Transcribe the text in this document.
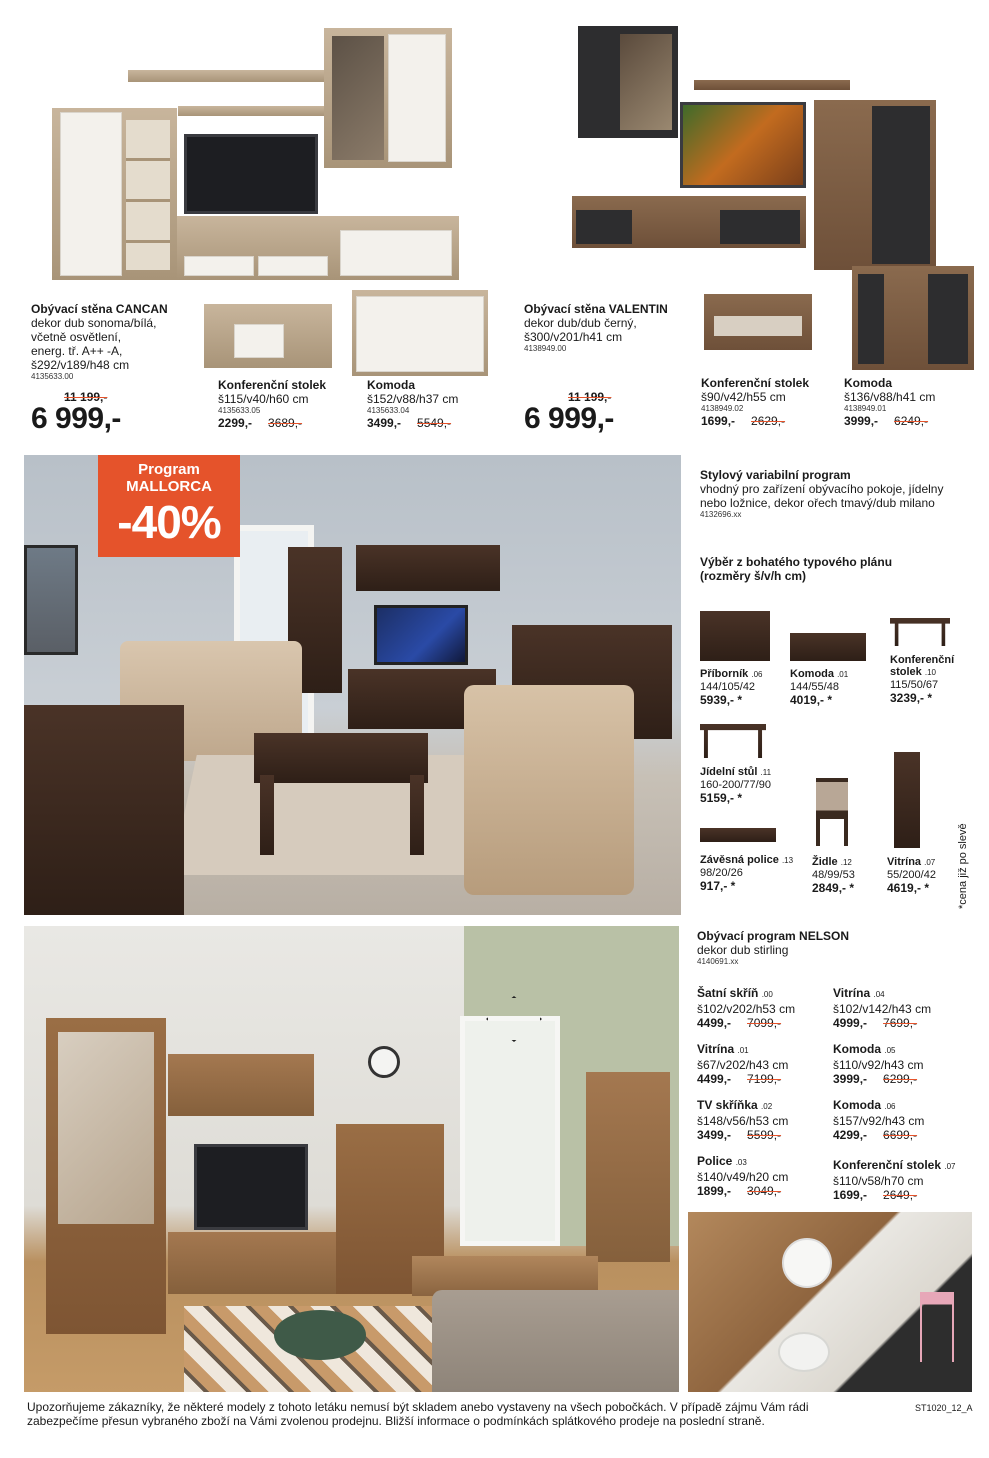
Obývací stěna CANCAN
dekor dub sonoma/bílá,
včetně osvětlení,
energ. tř. A++ -A,
š292/v189/h48 cm
4135633.00
11 199,-
6 999,-
Konferenční stolek
š115/v40/h60 cm
4135633.05
2299,- 3689,-
Komoda
š152/v88/h37 cm
4135633.04
3499,- 5549,-
Obývací stěna VALENTIN
dekor dub/dub černý,
š300/v201/h41 cm
4138949.00
11 199,-
6 999,-
Konferenční stolek
š90/v42/h55 cm
4138949.02
1699,- 2629,-
Komoda
š136/v88/h41 cm
4138949.01
3999,- 6249,-
Program
MALLORCA
-40%
Stylový variabilní program
vhodný pro zařízení obývacího pokoje, jídelny
nebo ložnice, dekor ořech tmavý/dub milano
4132696.xx
Výběr z bohatého typového plánu
(rozměry š/v/h cm)
Příborník .06
144/105/42
5939,- *
Komoda .01
144/55/48
4019,- *
Konferenční
stolek .10
115/50/67
3239,- *
Jídelní stůl .11
160-200/77/90
5159,- *
Závěsná police .13
98/20/26
917,- *
Židle .12
48/99/53
2849,- *
Vitrína .07
55/200/42
4619,- *	*cena již po slevě
Obývací program NELSON
dekor dub stirling
4140691.xx
Šatní skříň .00
š102/v202/h53 cm
4499,- 7099,-
Vitrína .04
š102/v142/h43 cm
4999,- 7699,-
Vitrína .01
š67/v202/h43 cm
4499,- 7199,-
Komoda .05
š110/v92/h43 cm
3999,- 6299,-
TV skříňka .02
š148/v56/h53 cm
3499,- 5599,-
Komoda .06
š157/v92/h43 cm
4299,- 6699,-
Police .03
š140/v49/h20 cm
1899,- 3049,-
Konferenční stolek .07
š110/v58/h70 cm
1699,- 2649,-
Upozorňujeme zákazníky, že některé modely z tohoto letáku nemusí být skladem anebo vystaveny na všech pobočkách. V případě zájmu Vám rádi
zabezpečíme přesun vybraného zboží na Vámi zvolenou prodejnu. Bližší informace o podmínkách splátkového prodeje na poslední straně.
ST1020_12_A
